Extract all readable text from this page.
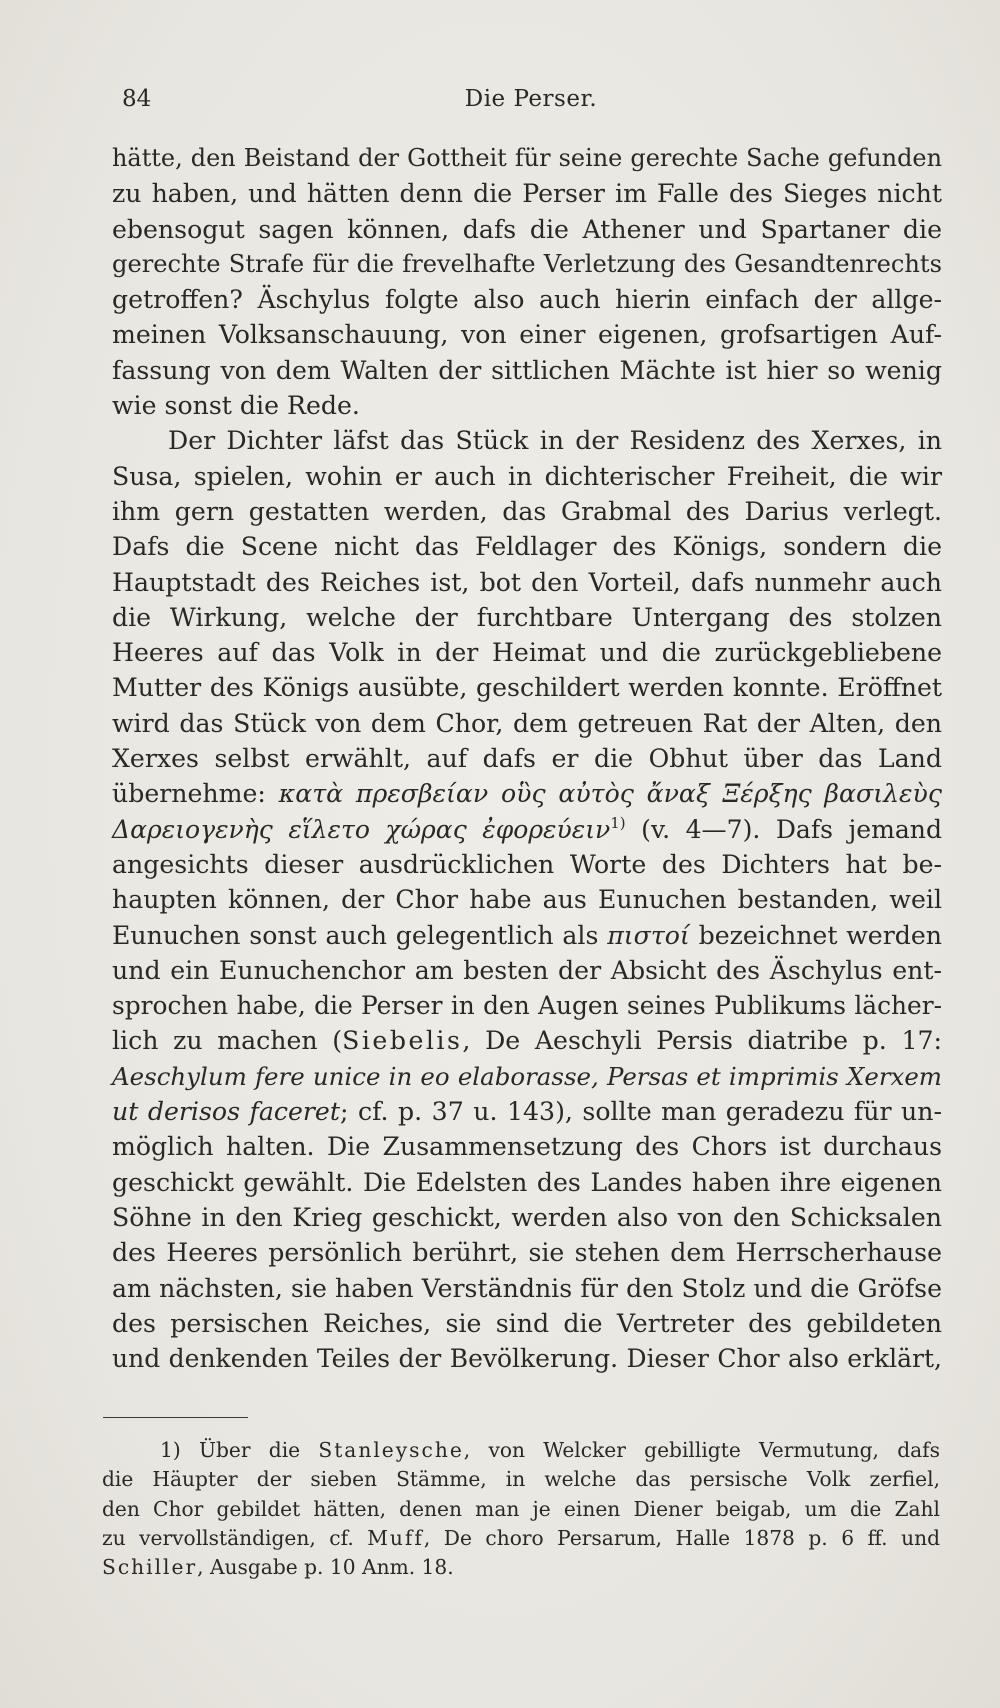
84	Die Perser.
hätte, den Beistand der Gottheit für seine gerechte Sache gefunden
zu haben, und hätten denn die Perser im Falle des Sieges nicht
ebensogut sagen können, dafs die Athener und Spartaner die
gerechte Strafe für die frevelhafte Verletzung des Gesandtenrechts
getroffen? Äschylus folgte also auch hierin einfach der allge-
meinen Volksanschauung, von einer eigenen, grofsartigen Auf-
fassung von dem Walten der sittlichen Mächte ist hier so wenig
wie sonst die Rede.
Der Dichter läfst das Stück in der Residenz des Xerxes, in
Susa, spielen, wohin er auch in dichterischer Freiheit, die wir
ihm gern gestatten werden, das Grabmal des Darius verlegt.
Dafs die Scene nicht das Feldlager des Königs, sondern die
Hauptstadt des Reiches ist, bot den Vorteil, dafs nunmehr auch
die Wirkung, welche der furchtbare Untergang des stolzen
Heeres auf das Volk in der Heimat und die zurückgebliebene
Mutter des Königs ausübte, geschildert werden konnte. Eröffnet
wird das Stück von dem Chor, dem getreuen Rat der Alten, den
Xerxes selbst erwählt, auf dafs er die Obhut über das Land
übernehme: κατὰ πρεσβείαν οὓς αὐτὸς ἄναξ Ξέρξης βασιλεὺς
Δαρειογενὴς εἵλετο χώρας ἐφορεύειν$^{1)}$ (v. 4—7). Dafs jemand
angesichts dieser ausdrücklichen Worte des Dichters hat be-
haupten können, der Chor habe aus Eunuchen bestanden, weil
Eunuchen sonst auch gelegentlich als πιστοί bezeichnet werden
und ein Eunuchenchor am besten der Absicht des Äschylus ent-
sprochen habe, die Perser in den Augen seines Publikums lächer-
lich zu machen (Siebelis, De Aeschyli Persis diatribe p. 17:
Aeschylum fere unice in eo elaborasse, Persas et imprimis Xerxem
ut derisos faceret; cf. p. 37 u. 143), sollte man geradezu für un-
möglich halten. Die Zusammensetzung des Chors ist durchaus
geschickt gewählt. Die Edelsten des Landes haben ihre eigenen
Söhne in den Krieg geschickt, werden also von den Schicksalen
des Heeres persönlich berührt, sie stehen dem Herrscherhause
am nächsten, sie haben Verständnis für den Stolz und die Gröfse
des persischen Reiches, sie sind die Vertreter des gebildeten
und denkenden Teiles der Bevölkerung. Dieser Chor also erklärt,
1) Über die Stanleysche, von Welcker gebilligte Vermutung, dafs
die Häupter der sieben Stämme, in welche das persische Volk zerfiel,
den Chor gebildet hätten, denen man je einen Diener beigab, um die Zahl
zu vervollständigen, cf. Muff, De choro Persarum, Halle 1878 p. 6 ff. und
Schiller, Ausgabe p. 10 Anm. 18.
